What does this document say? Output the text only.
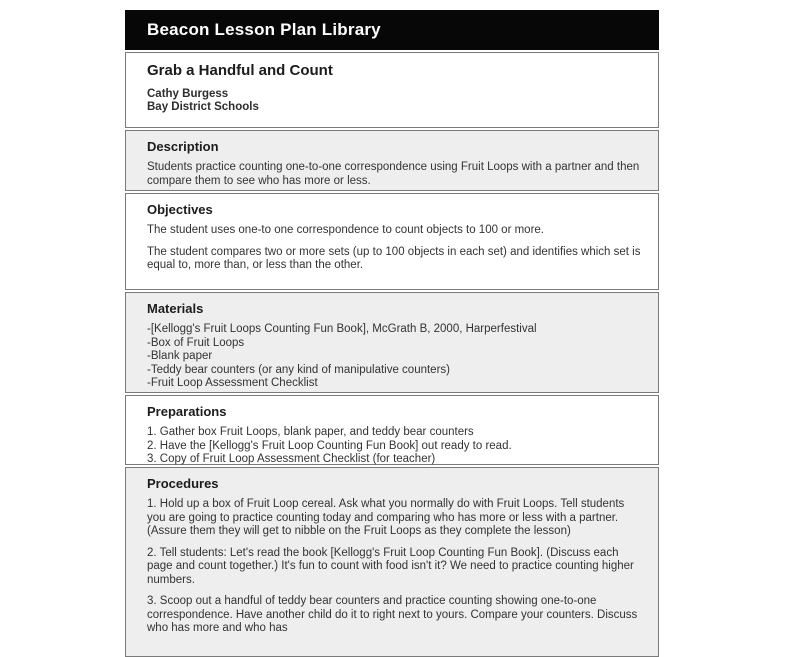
Beacon Lesson Plan Library
Grab a Handful and Count
Cathy Burgess
Bay District Schools
Description

Students practice counting one-to-one correspondence using Fruit Loops with a partner and then compare them to see who has more or less.

Objectives

The student uses one-to one correspondence to count objects to 100 or more.

The student compares two or more sets (up to 100 objects in each set) and identifies which set is equal to, more than, or less than the other.

Materials
-[Kellogg's Fruit Loops Counting Fun Book], McGrath B, 2000, Harperfestival
-Box of Fruit Loops
-Blank paper
-Teddy bear counters (or any kind of manipulative counters)
-Fruit Loop Assessment Checklist
Preparations
1. Gather box Fruit Loops, blank paper, and teddy bear counters
2. Have the [Kellogg's Fruit Loop Counting Fun Book] out ready to read.
3. Copy of Fruit Loop Assessment Checklist (for teacher)
Procedures

1. Hold up a box of Fruit Loop cereal. Ask what you normally do with Fruit Loops. Tell students you are going to practice counting today and comparing who has more or less with a partner. (Assure them they will get to nibble on the Fruit Loops as they complete the lesson)

2. Tell students: Let's read the book [Kellogg's Fruit Loop Counting Fun Book]. (Discuss each page and count together.) It's fun to count with food isn't it? We need to practice counting higher numbers.

3. Scoop out a handful of teddy bear counters and practice counting showing one-to-one correspondence. Have another child do it to right next to yours. Compare your counters. Discuss who has more and who has
